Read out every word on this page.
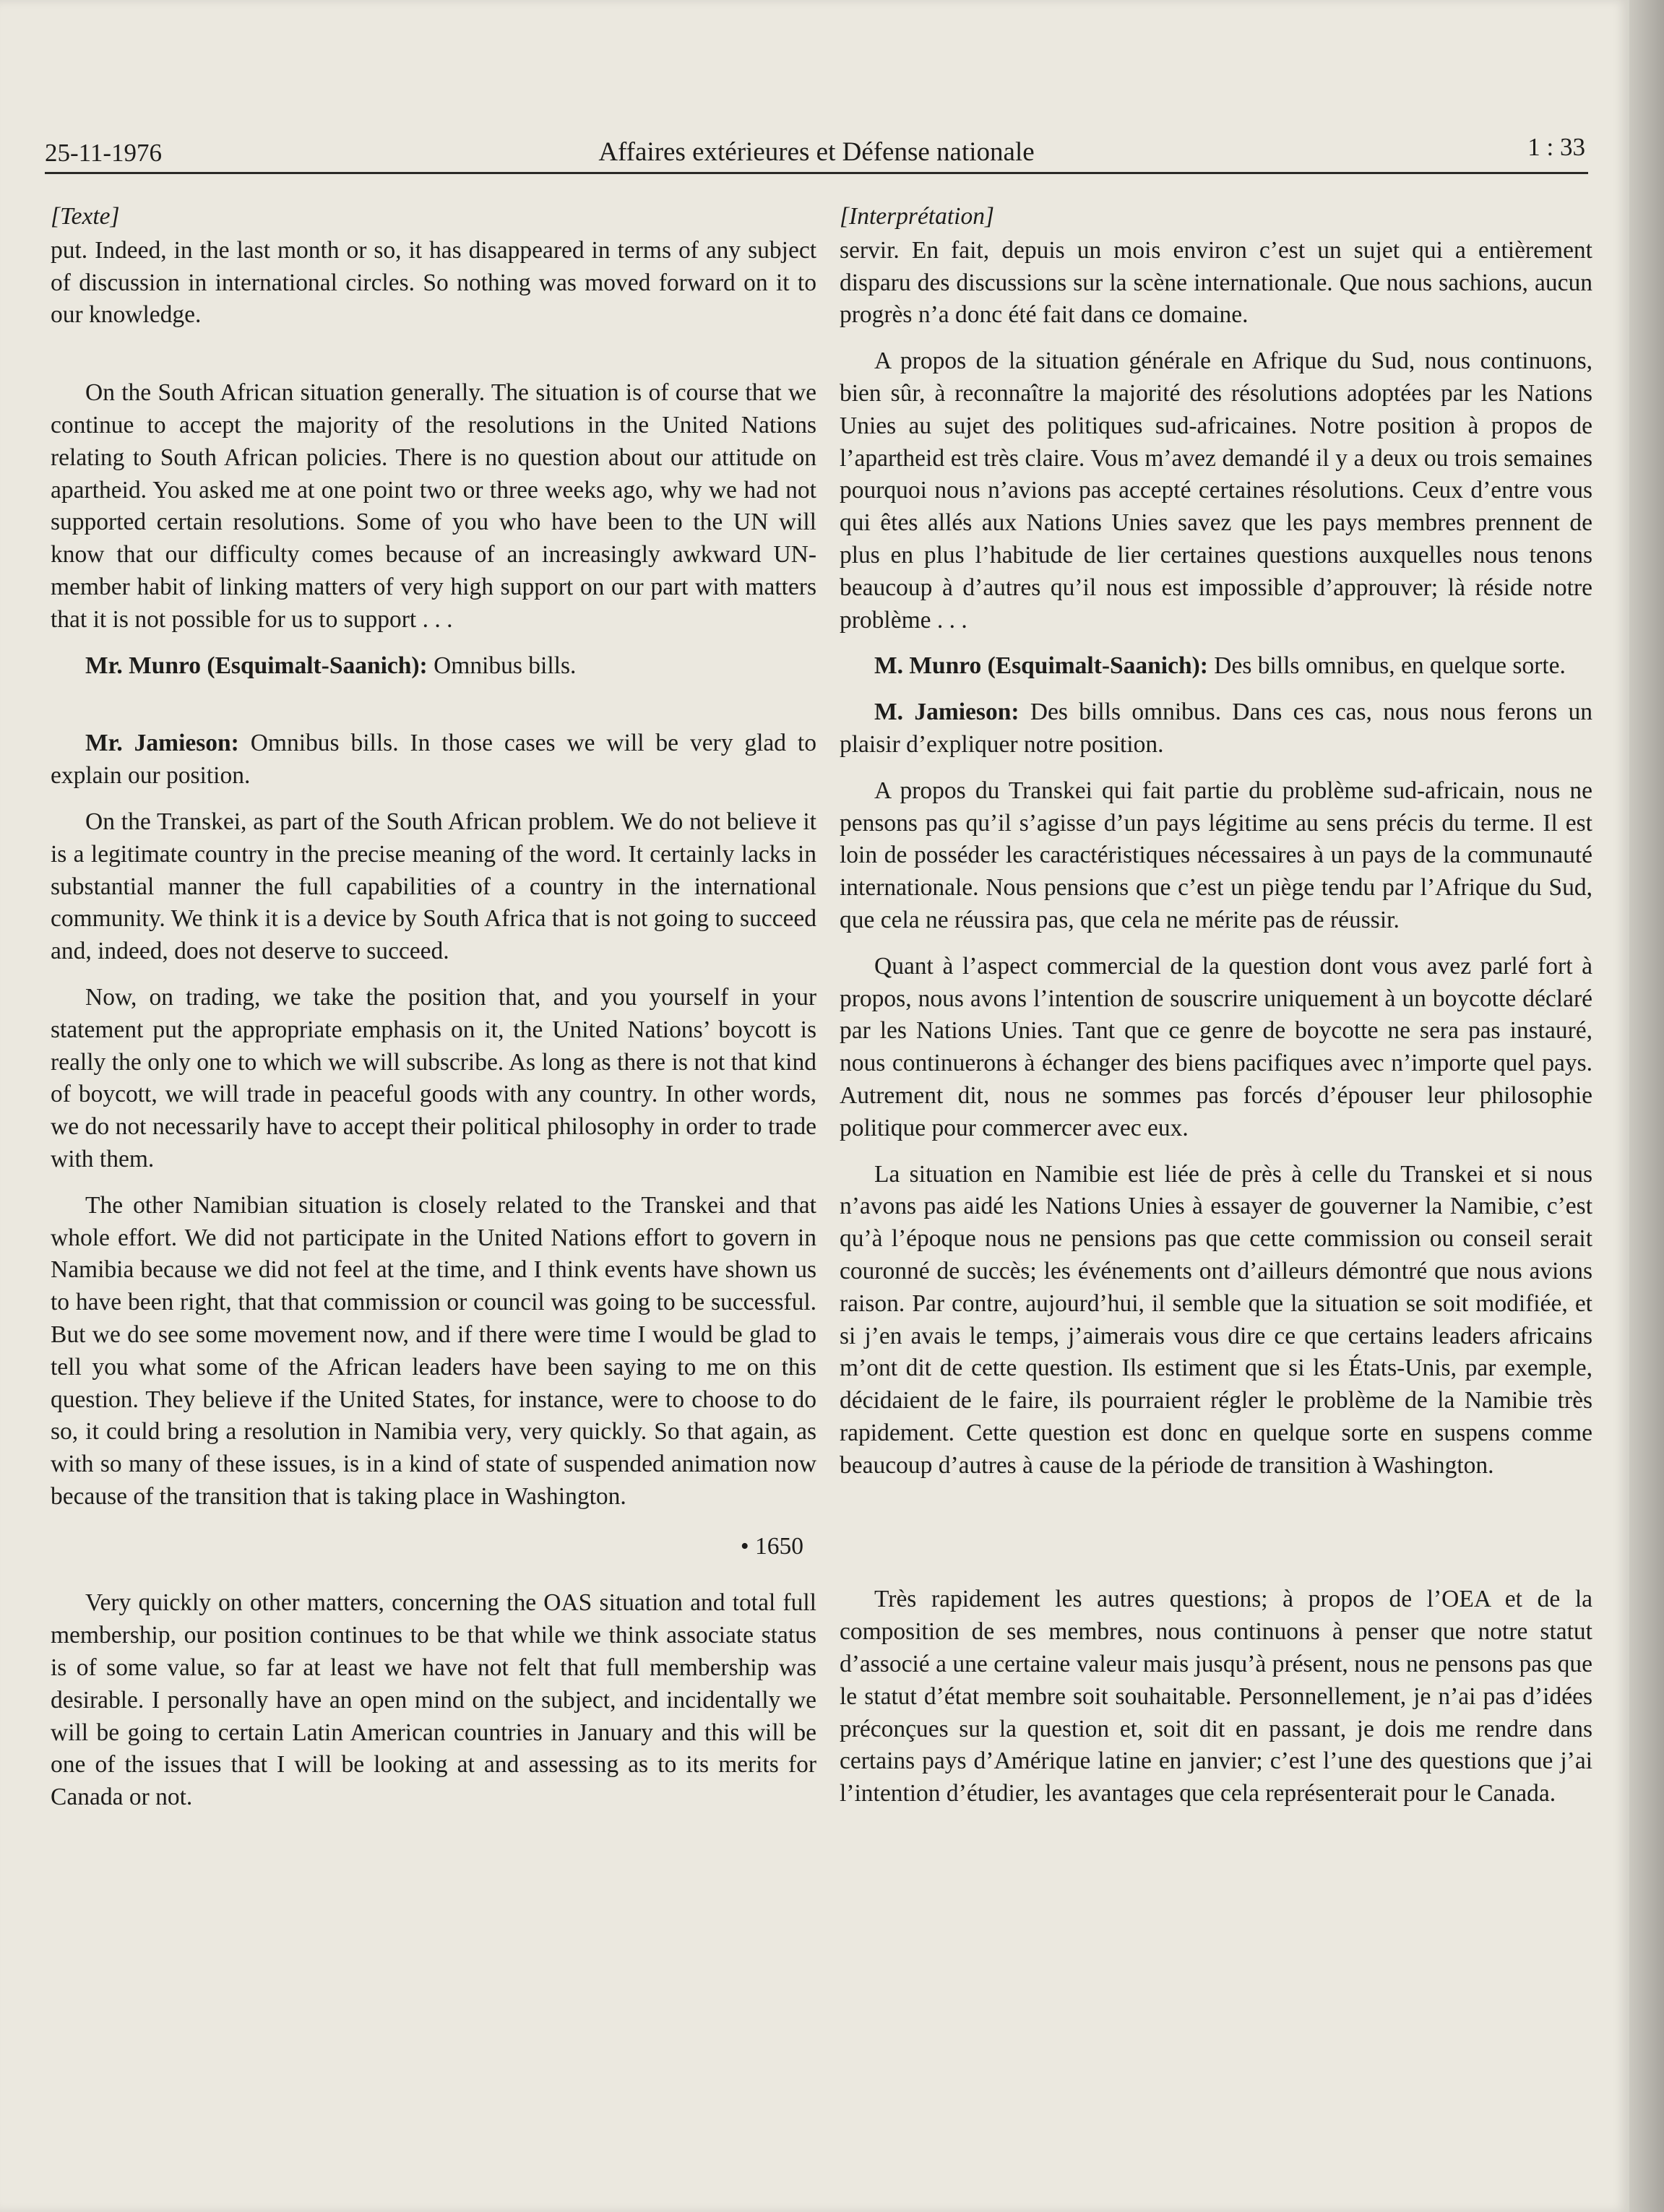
25-11-1976	Affaires extérieures et Défense nationale	1 : 33
[Texte]

put. Indeed, in the last month or so, it has disappeared in terms of any subject of discussion in international circles. So nothing was moved forward on it to our knowledge.

On the South African situation generally. The situation is of course that we continue to accept the majority of the resolutions in the United Nations relating to South African policies. There is no question about our attitude on apartheid. You asked me at one point two or three weeks ago, why we had not supported certain resolutions. Some of you who have been to the UN will know that our difficulty comes because of an increasingly awkward UN-member habit of linking matters of very high support on our part with matters that it is not possible for us to support . . .

Mr. Munro (Esquimalt-Saanich): Omnibus bills.

Mr. Jamieson: Omnibus bills. In those cases we will be very glad to explain our position.

On the Transkei, as part of the South African problem. We do not believe it is a legitimate country in the precise meaning of the word. It certainly lacks in substantial manner the full capabilities of a country in the international community. We think it is a device by South Africa that is not going to succeed and, indeed, does not deserve to succeed.

Now, on trading, we take the position that, and you yourself in your statement put the appropriate emphasis on it, the United Nations’ boycott is really the only one to which we will subscribe. As long as there is not that kind of boycott, we will trade in peaceful goods with any country. In other words, we do not necessarily have to accept their political philosophy in order to trade with them.

The other Namibian situation is closely related to the Transkei and that whole effort. We did not participate in the United Nations effort to govern in Namibia because we did not feel at the time, and I think events have shown us to have been right, that that commission or council was going to be successful. But we do see some movement now, and if there were time I would be glad to tell you what some of the African leaders have been saying to me on this question. They believe if the United States, for instance, were to choose to do so, it could bring a resolution in Namibia very, very quickly. So that again, as with so many of these issues, is in a kind of state of suspended animation now because of the transition that is taking place in Washington.

• 1650

Very quickly on other matters, concerning the OAS situation and total full membership, our position continues to be that while we think associate status is of some value, so far at least we have not felt that full membership was desirable. I personally have an open mind on the subject, and incidentally we will be going to certain Latin American countries in January and this will be one of the issues that I will be looking at and assessing as to its merits for Canada or not.

[Interprétation]

servir. En fait, depuis un mois environ c’est un sujet qui a entièrement disparu des discussions sur la scène internationale. Que nous sachions, aucun progrès n’a donc été fait dans ce domaine.

A propos de la situation générale en Afrique du Sud, nous continuons, bien sûr, à reconnaître la majorité des résolutions adoptées par les Nations Unies au sujet des politiques sud-africaines. Notre position à propos de l’apartheid est très claire. Vous m’avez demandé il y a deux ou trois semaines pourquoi nous n’avions pas accepté certaines résolutions. Ceux d’entre vous qui êtes allés aux Nations Unies savez que les pays membres prennent de plus en plus l’habitude de lier certaines questions auxquelles nous tenons beaucoup à d’autres qu’il nous est impossible d’approuver; là réside notre problème . . .

M. Munro (Esquimalt-Saanich): Des bills omnibus, en quelque sorte.

M. Jamieson: Des bills omnibus. Dans ces cas, nous nous ferons un plaisir d’expliquer notre position.

A propos du Transkei qui fait partie du problème sud-africain, nous ne pensons pas qu’il s’agisse d’un pays légitime au sens précis du terme. Il est loin de posséder les caractéristiques nécessaires à un pays de la communauté internationale. Nous pensions que c’est un piège tendu par l’Afrique du Sud, que cela ne réussira pas, que cela ne mérite pas de réussir.

Quant à l’aspect commercial de la question dont vous avez parlé fort à propos, nous avons l’intention de souscrire uniquement à un boycotte déclaré par les Nations Unies. Tant que ce genre de boycotte ne sera pas instauré, nous continuerons à échanger des biens pacifiques avec n’importe quel pays. Autrement dit, nous ne sommes pas forcés d’épouser leur philosophie politique pour commercer avec eux.

La situation en Namibie est liée de près à celle du Transkei et si nous n’avons pas aidé les Nations Unies à essayer de gouverner la Namibie, c’est qu’à l’époque nous ne pensions pas que cette commission ou conseil serait couronné de succès; les événements ont d’ailleurs démontré que nous avions raison. Par contre, aujourd’hui, il semble que la situation se soit modifiée, et si j’en avais le temps, j’aimerais vous dire ce que certains leaders africains m’ont dit de cette question. Ils estiment que si les États-Unis, par exemple, décidaient de le faire, ils pourraient régler le problème de la Namibie très rapidement. Cette question est donc en quelque sorte en suspens comme beaucoup d’autres à cause de la période de transition à Washington.

Très rapidement les autres questions; à propos de l’OEA et de la composition de ses membres, nous continuons à penser que notre statut d’associé a une certaine valeur mais jusqu’à présent, nous ne pensons pas que le statut d’état membre soit souhaitable. Personnellement, je n’ai pas d’idées préconçues sur la question et, soit dit en passant, je dois me rendre dans certains pays d’Amérique latine en janvier; c’est l’une des questions que j’ai l’intention d’étudier, les avantages que cela représenterait pour le Canada.
